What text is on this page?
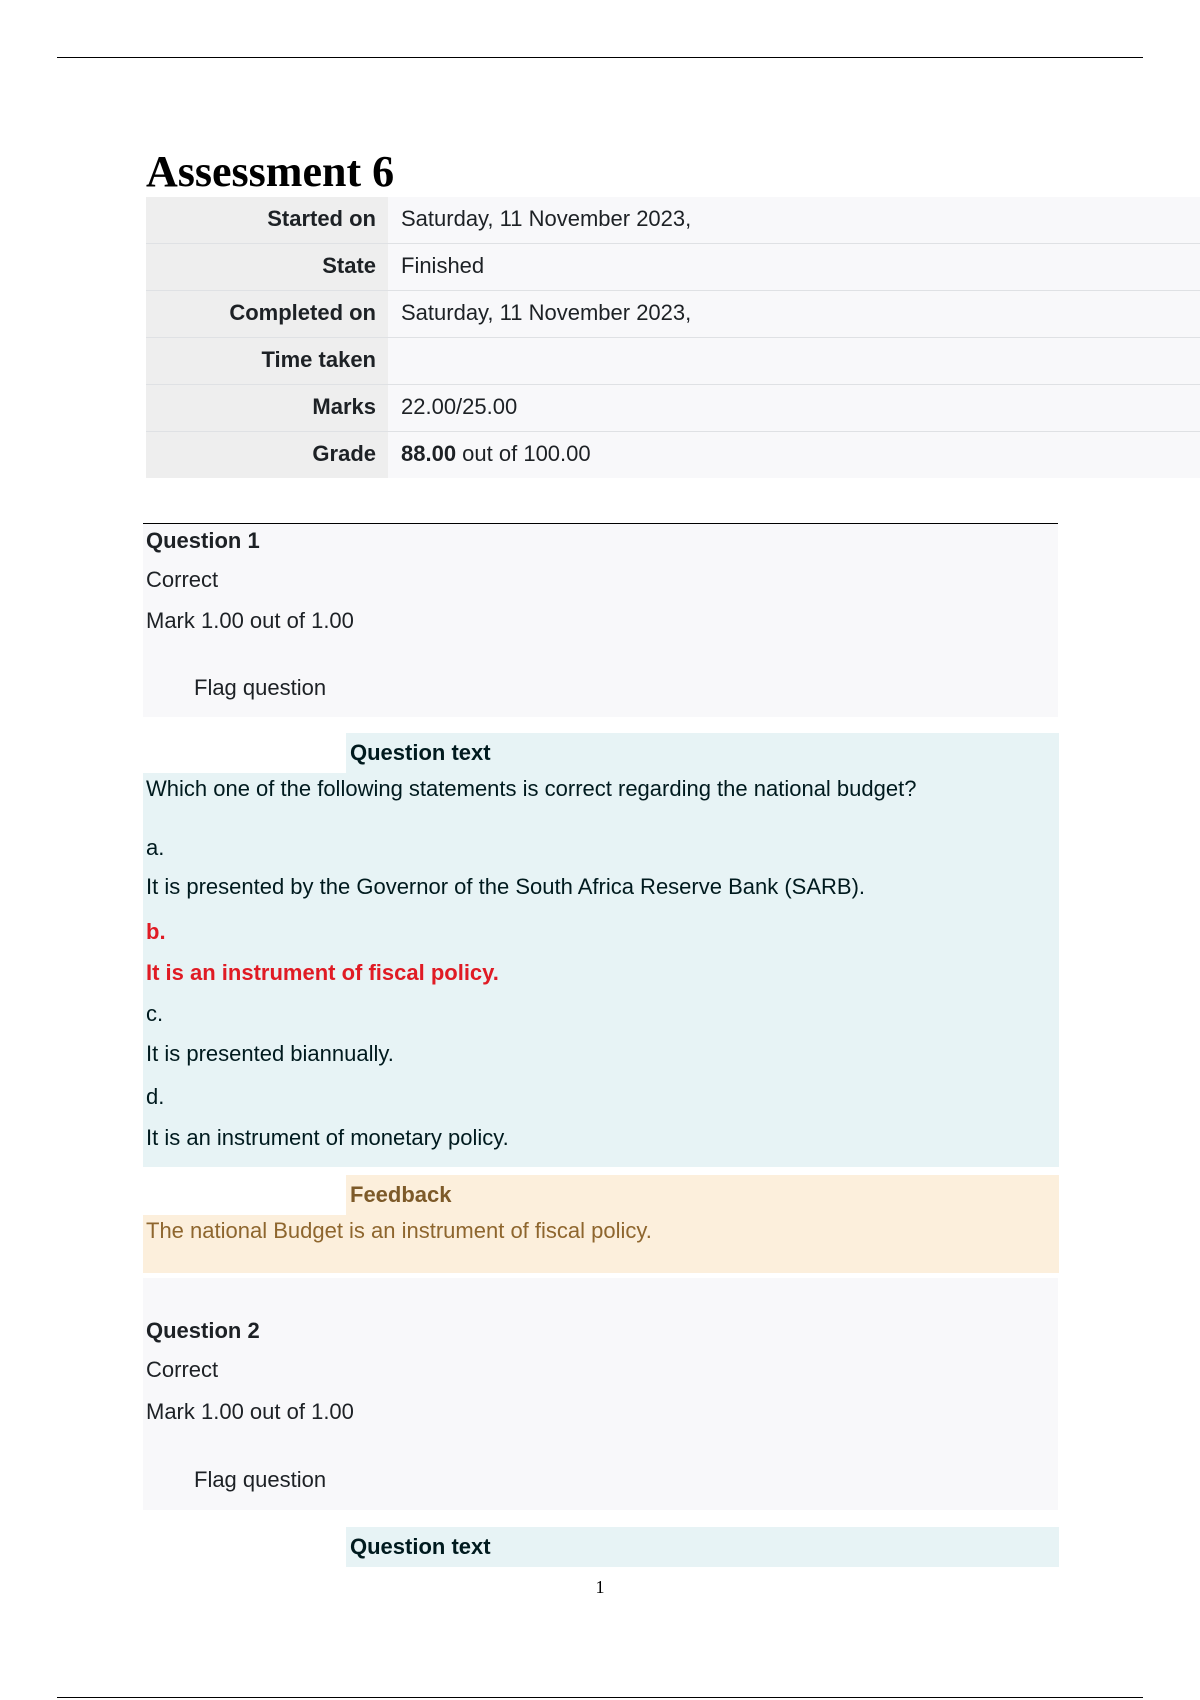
Assessment 6
Started on	Saturday, 11 November 2023,
State	Finished
Completed on	Saturday, 11 November 2023,
Time taken
Marks	22.00/25.00
Grade	88.00 out of 100.00
Question 1
Correct
Mark 1.00 out of 1.00
Flag question
Question text
Which one of the following statements is correct regarding the national budget?
a.
It is presented by the Governor of the South Africa Reserve Bank (SARB).
b.
It is an instrument of fiscal policy.
c.
It is presented biannually.
d.
It is an instrument of monetary policy.
Feedback
The national Budget is an instrument of fiscal policy.
Question 2
Correct
Mark 1.00 out of 1.00
Flag question
Question text
1
